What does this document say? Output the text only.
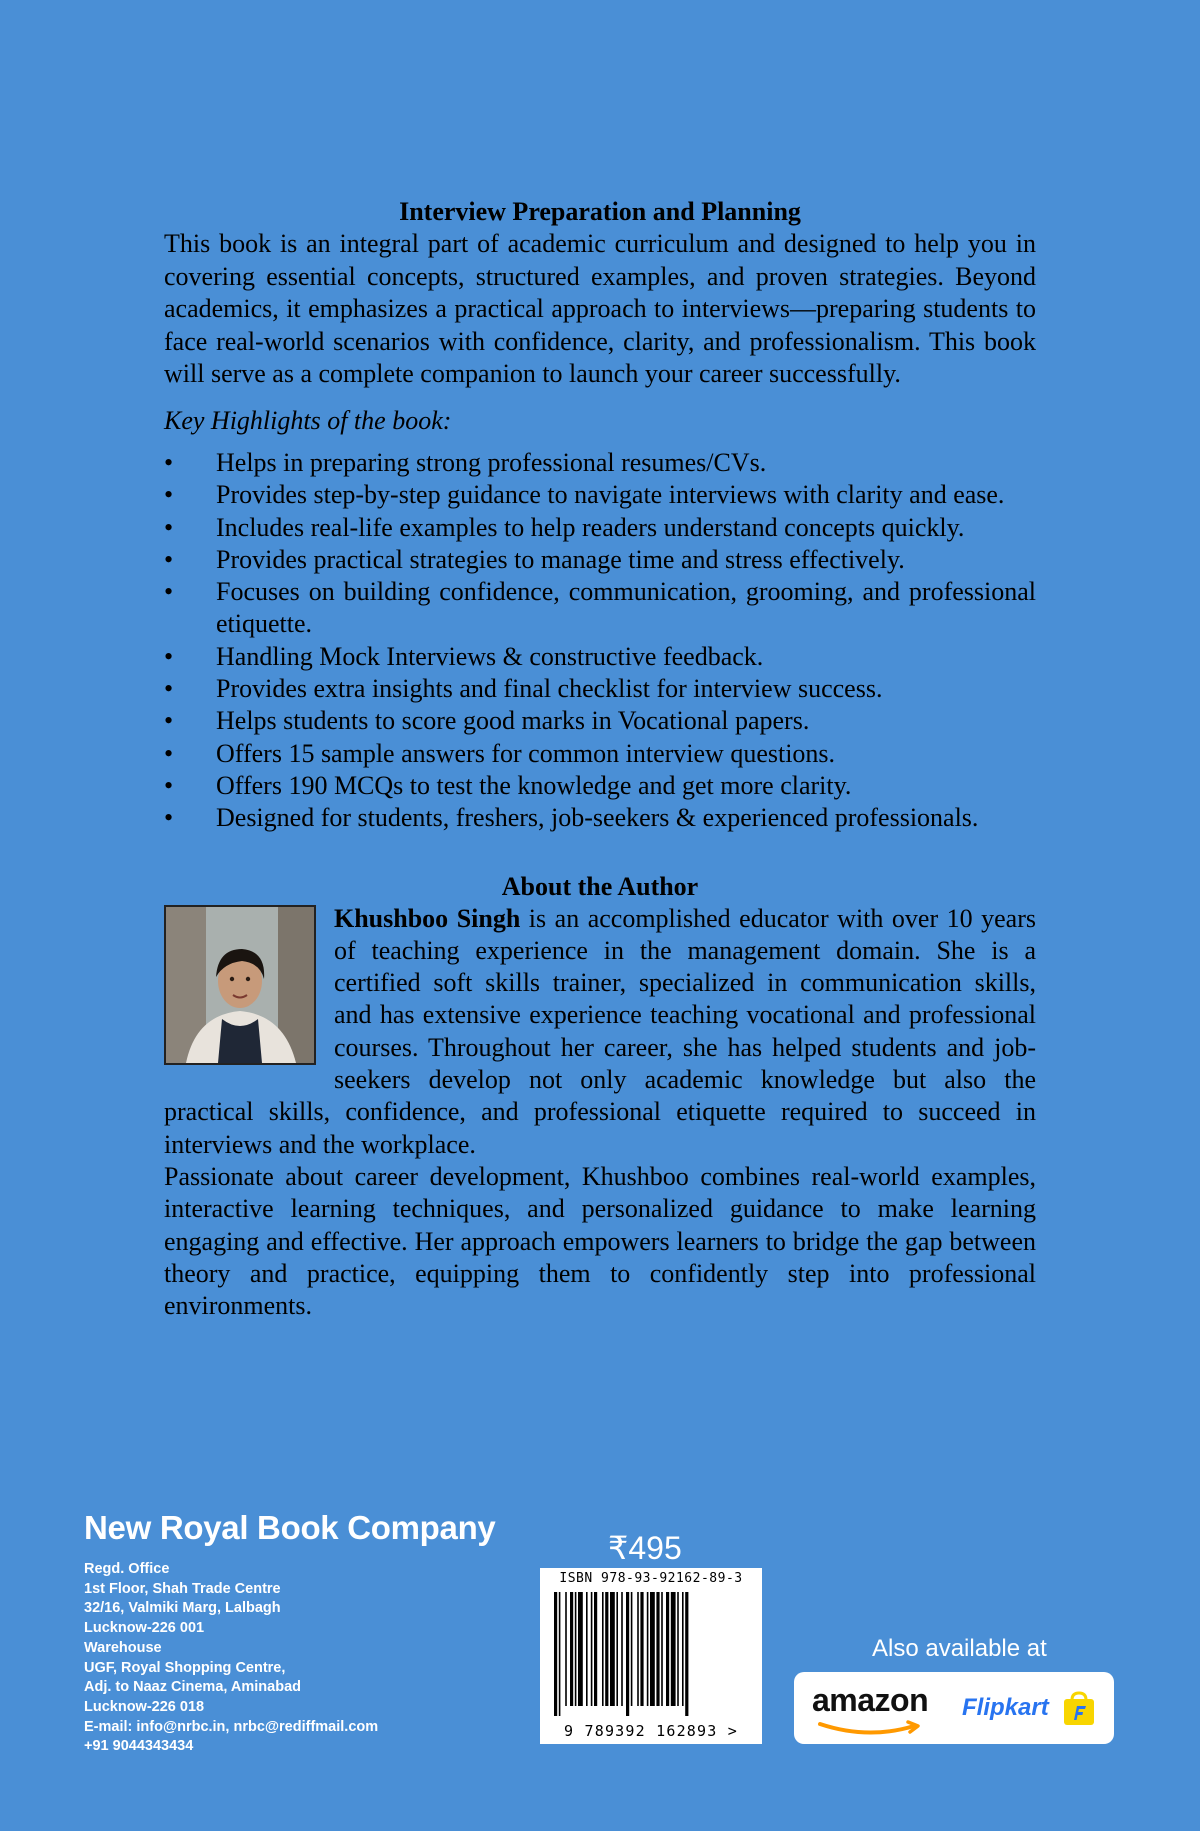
Interview Preparation and Planning

This book is an integral part of academic curriculum and designed to help you in covering essential concepts, structured examples, and proven strategies. Beyond academics, it emphasizes a practical approach to interviews—preparing students to face real-world scenarios with confidence, clarity, and professionalism. This book will serve as a complete companion to launch your career successfully.

Key Highlights of the book:

• Helps in preparing strong professional resumes/CVs.
• Provides step-by-step guidance to navigate interviews with clarity and ease.
• Includes real-life examples to help readers understand concepts quickly.
• Provides practical strategies to manage time and stress effectively.
• Focuses on building confidence, communication, grooming, and professional etiquette.
• Handling Mock Interviews & constructive feedback.
• Provides extra insights and final checklist for interview success.
• Helps students to score good marks in Vocational papers.
• Offers 15 sample answers for common interview questions.
• Offers 190 MCQs to test the knowledge and get more clarity.
• Designed for students, freshers, job-seekers & experienced professionals.
About the Author

Khushboo Singh is an accomplished educator with over 10 years of teaching experience in the management domain. She is a certified soft skills trainer, specialized in communication skills, and has extensive experience teaching vocational and professional courses. Throughout her career, she has helped students and job-seekers develop not only academic knowledge but also the practical skills, confidence, and professional etiquette required to succeed in interviews and the workplace.

Passionate about career development, Khushboo combines real-world examples, interactive learning techniques, and personalized guidance to make learning engaging and effective. Her approach empowers learners to bridge the gap between theory and practice, equipping them to confidently step into professional environments.

New Royal Book Company

Regd. Office

1st Floor, Shah Trade Centre

32/16, Valmiki Marg, Lalbagh

Lucknow-226 001

Warehouse

UGF, Royal Shopping Centre,

Adj. to Naaz Cinema, Aminabad

Lucknow-226 018

E-mail: info@nrbc.in, nrbc@rediffmail.com

+91 9044343434

₹495
ISBN 978-93-92162-89-3
9 789392 162893 >
Also available at
amazon Flipkart
